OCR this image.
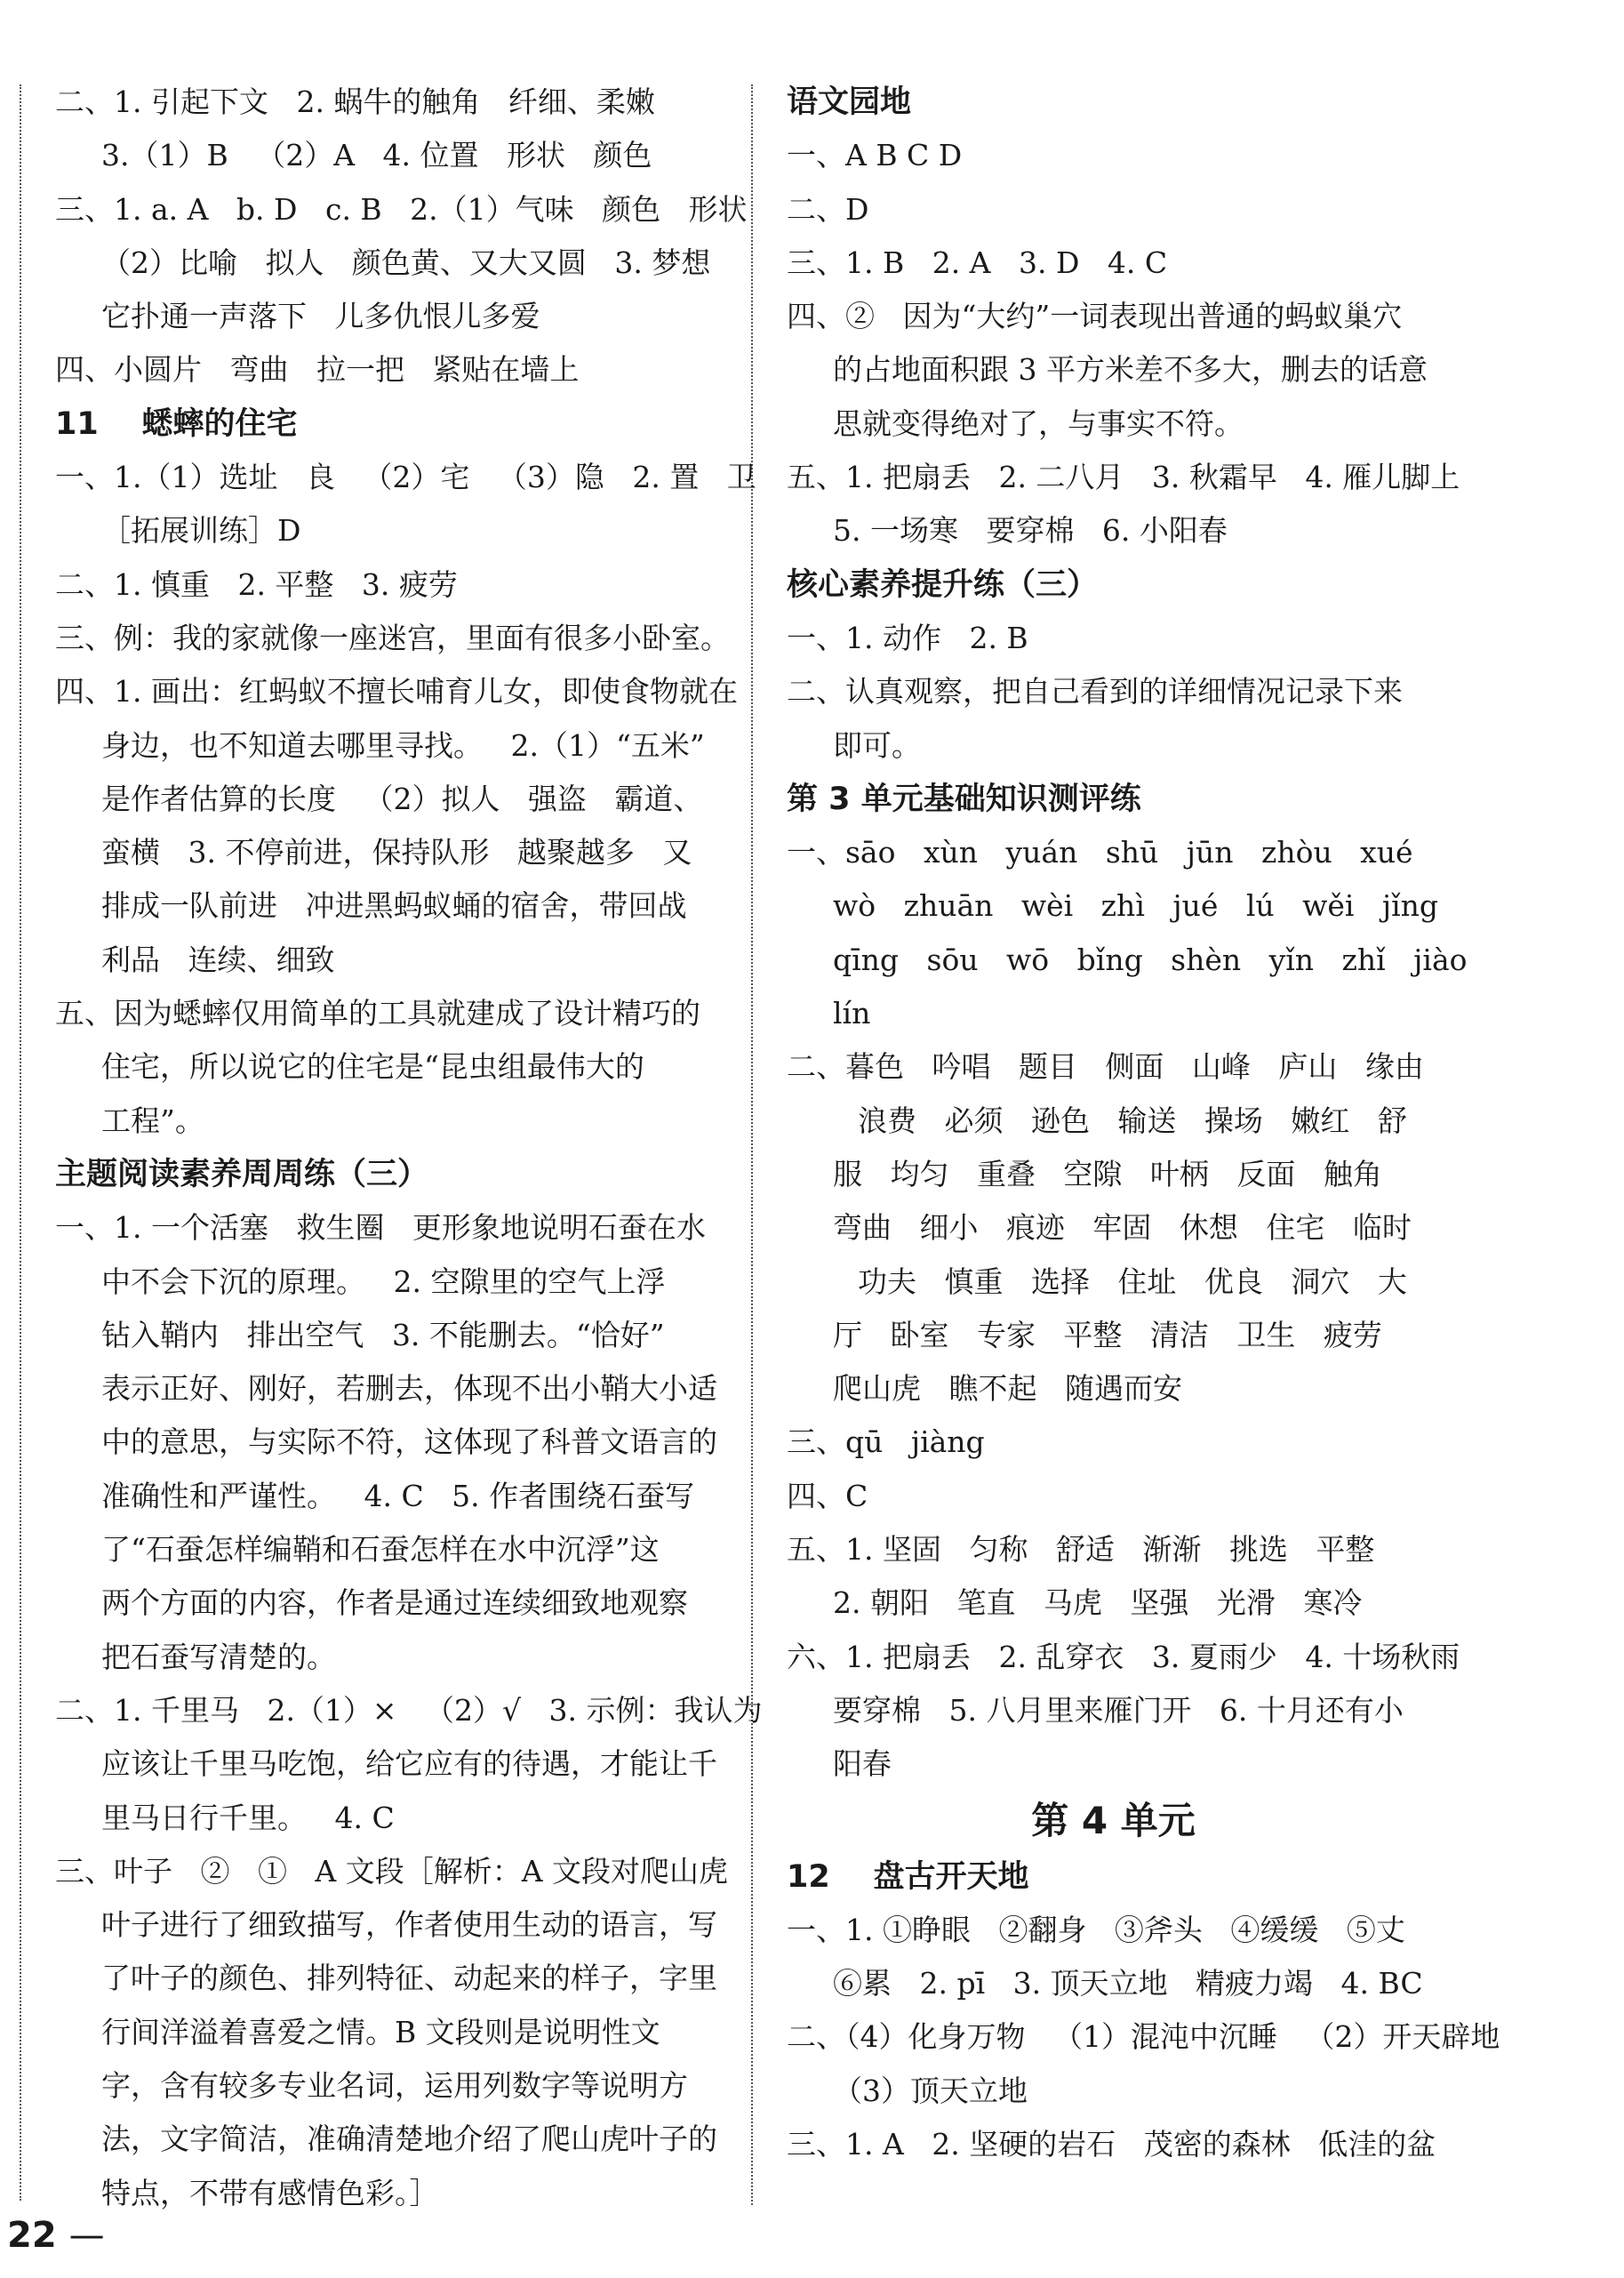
二、1. 引起下文   2. 蜗牛的触角   纤细、柔嫩

3.（1）B   （2）A   4. 位置   形状   颜色

三、1. a. A   b. D   c. B   2.（1）气味   颜色   形状

（2）比喻   拟人   颜色黄、又大又圆   3. 梦想

它扑通一声落下   儿多仇恨儿多爱

四、小圆片   弯曲   拉一把   紧贴在墙上

11    蟋蟀的住宅

一、1.（1）选址   良   （2）宅   （3）隐   2. 置   卫

［拓展训练］D

二、1. 慎重   2. 平整   3. 疲劳

三、例：我的家就像一座迷宫，里面有很多小卧室。

四、1. 画出：红蚂蚁不擅长哺育儿女，即使食物就在

身边，也不知道去哪里寻找。   2.（1）“五米”

是作者估算的长度   （2）拟人   强盗   霸道、

蛮横   3. 不停前进，保持队形   越聚越多   又

排成一队前进   冲进黑蚂蚁蛹的宿舍，带回战

利品   连续、细致

五、因为蟋蟀仅用简单的工具就建成了设计精巧的

住宅，所以说它的住宅是“昆虫组最伟大的

工程”。

主题阅读素养周周练（三）

一、1. 一个活塞   救生圈   更形象地说明石蚕在水

中不会下沉的原理。   2. 空隙里的空气上浮

钻入鞘内   排出空气   3. 不能删去。“恰好”

表示正好、刚好，若删去，体现不出小鞘大小适

中的意思，与实际不符，这体现了科普文语言的

准确性和严谨性。   4. C   5. 作者围绕石蚕写

了“石蚕怎样编鞘和石蚕怎样在水中沉浮”这

两个方面的内容，作者是通过连续细致地观察

把石蚕写清楚的。

二、1. 千里马   2.（1）×   （2）√   3. 示例：我认为

应该让千里马吃饱，给它应有的待遇，才能让千

里马日行千里。   4. C

三、叶子   ②   ①   A 文段［解析：A 文段对爬山虎

叶子进行了细致描写，作者使用生动的语言，写

了叶子的颜色、排列特征、动起来的样子，字里

行间洋溢着喜爱之情。B 文段则是说明性文

字，含有较多专业名词，运用列数字等说明方

法，文字简洁，准确清楚地介绍了爬山虎叶子的

特点，不带有感情色彩。］

语文园地

一、A B C D

二、D

三、1. B   2. A   3. D   4. C

四、②   因为“大约”一词表现出普通的蚂蚁巢穴

的占地面积跟 3 平方米差不多大，删去的话意

思就变得绝对了，与事实不符。

五、1. 把扇丢   2. 二八月   3. 秋霜早   4. 雁儿脚上

5. 一场寒   要穿棉   6. 小阳春

核心素养提升练（三）

一、1. 动作   2. B

二、认真观察，把自己看到的详细情况记录下来

即可。

第 3 单元基础知识测评练

一、sāo   xùn   yuán   shū   jūn   zhòu   xué

wò   zhuān   wèi   zhì   jué   lú   wěi   jǐng

qīng   sōu   wō   bǐng   shèn   yǐn   zhǐ   jiào

lín

二、暮色   吟唱   题目   侧面   山峰   庐山   缘由

浪费   必须   逊色   输送   操场   嫩红   舒

服   均匀   重叠   空隙   叶柄   反面   触角

弯曲   细小   痕迹   牢固   休想   住宅   临时

功夫   慎重   选择   住址   优良   洞穴   大

厅   卧室   专家   平整   清洁   卫生   疲劳

爬山虎   瞧不起   随遇而安

三、qū   jiàng

四、C

五、1. 坚固   匀称   舒适   渐渐   挑选   平整

2. 朝阳   笔直   马虎   坚强   光滑   寒冷

六、1. 把扇丢   2. 乱穿衣   3. 夏雨少   4. 十场秋雨

要穿棉   5. 八月里来雁门开   6. 十月还有小

阳春

第 4 单元

12    盘古开天地

一、1. ①睁眼   ②翻身   ③斧头   ④缓缓   ⑤丈

⑥累   2. pī   3. 顶天立地   精疲力竭   4. BC

二、（4）化身万物   （1）混沌中沉睡   （2）开天辟地

（3）顶天立地

三、1. A   2. 坚硬的岩石   茂密的森林   低洼的盆

22 —
